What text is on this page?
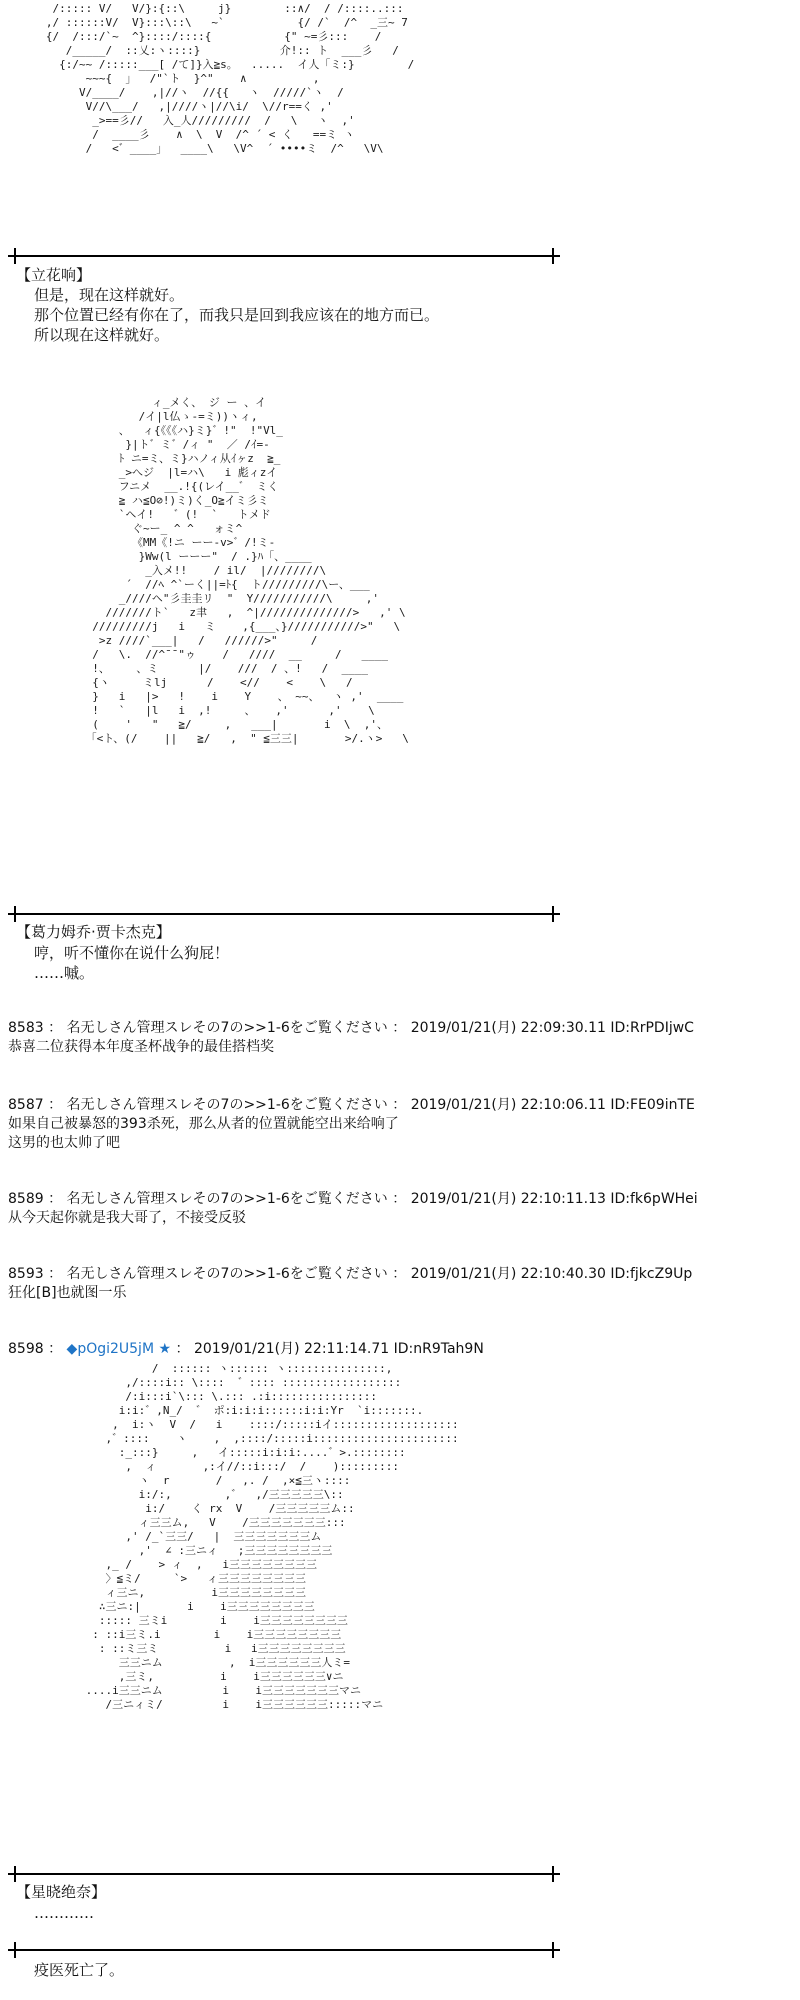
/::::: V/   V/}:{::\     j}        ::∧/  / /::::..:::
,/ ::::::V/  V}:::\::\   ~`           {/ /`  /^  _三~ 7
{/  /:::/`~  ^}::::/::::{           {" ~=彡:::    /
/_____/  ::乂:ヽ::::}            介!:: ト  ___彡   /
{:/~~ /:::::___[ /て]}入≧s。  .....  イ人「ミ:}        /
~~~{  」  /"`ト  }^"    ∧          ,
V/____/    ,|//ヽ  //{{   ヽ  /////`ヽ  /
V//\___/   ,|////ヽ|//\i/  \//r==く ,'
_>==彡//   入_人/////////  /   \   ヽ  ,'
/  ____彡    ∧  \  V  /^ ´ < く   ==ミ ヽ
/   <゛____」  ____\   \V^  ´ ••••ミ  /^   \V\
【立花响】
但是，现在这样就好。
那个位置已经有你在了，而我只是回到我应该在的地方而已。
所以现在这样就好。
ィ_メく、 ジ ー 、イ
/イ|l仏ゝ-=ミ))ヽィ,
、  ィ{《《《ハ}ミ}゛!"  !"Vl_
}|ト゛ミ゛/ィ "  ／ /ｲ=-
ﾄ ニ=ミ、ミ}ハノィ从ｲヶz  ≧_
_>へジ  |l=ハ\   i 彪ィzイ
フニメ  __.!{(レイ__゛ ミく
≧ ハ≦O⊘!)ミ)く_O≧イミ彡ミ
`ヘイ!   ゛(!  `   トメド
ぐ~ー_ ^ ^   ォミ^
《MM《!ニ ーー-v>゛/!ミ-
}Ww(l ーーー"  / .}ﾊ「、____
_入メ!!    / il/  |////////\
´  //ﾍ ^`ーく||=ﾄ{  ト/////////\ー、___
_////ヘ"彡圭圭リ  "  Y///////////\     ,'
///////ト`   z聿   ,  ^|//////////////>   ,' \
/////////j   i   ミ    ,{___、}///////////>"   \
>z ////`___|   /   //////>"     /
/   \.  //^¯¯"ゥ    /   ////  __     /   ____
!、    、ミ      |/    ///  / 、!   /  ____
{ヽ     ミlj      /    <//    <    \   /
}   i   |>   !    i    Y    、 ~~、  ヽ ,'  ____
!   `   |l   i  ,!     、   ,'      ,'    \
(    '   "   ≧/     ,   ___|       i  \  ,'、
「<ト、(/    ||   ≧/   ,  " ≦三三|       >/.ヽ>   \
【葛力姆乔·贾卡杰克】
哼，听不懂你在说什么狗屁！
……嘁。
8583 ： 名无しさん管理スレその7の>>1-6をご覧ください ： 2019/01/21(月) 22:09:30.11 ID:RrPDIjwC
恭喜二位获得本年度圣杯战争的最佳搭档奖
8587 ： 名无しさん管理スレその7の>>1-6をご覧ください ： 2019/01/21(月) 22:10:06.11 ID:FE09inTE
如果自己被暴怒的393杀死，那么从者的位置就能空出来给响了
这男的也太帅了吧
8589 ： 名无しさん管理スレその7の>>1-6をご覧ください ： 2019/01/21(月) 22:10:11.13 ID:fk6pWHei
从今天起你就是我大哥了，不接受反驳
8593 ： 名无しさん管理スレその7の>>1-6をご覧ください ： 2019/01/21(月) 22:10:40.30 ID:fjkcZ9Up
狂化[B]也就图一乐
8598 ： ◆pOgi2U5jM ★ ： 2019/01/21(月) 22:11:14.71 ID:nR9Tah9N
/  :::::: ヽ:::::: ヽ:::::::::::::::,
,/::::i:: \::::  ゛:::: ::::::::::::::::::
/:i:::i`\::: \.::: .:i::::::::::::::::
i:i:゛,N_/  ゛ ポ:i:i:i::::::i:i:Yr  `i:::::::.
,  i:ヽ  V  /   i    ::::/:::::iイ:::::::::::::::::::
,゛::::    ヽ    ,  ,::::/:::::i::::::::::::::::::::::
:_:::}     ,   イ:::::i:i:i:....゛>.::::::::
,  ィ       ,:イ//::i:::/  /    ):::::::::
ヽ  r       /   ,. /  ,×≦三ヽ::::
i:/:,        ,゛  ,/三三三三三\::
i:/    く rx  V    /三三三三三ム::
ィ三三ム,   V    /三三三三三三三:::
,' /_`三三/   |  三三三三三三三ム
,'  ∠ :三ニィ   ;三三三三三三三三
,_ /    > ィ  ,   i三三三三三三三三
〉≦ミ/     `>   ィ三三三三三三三三
ィ三ニ,          i三三三三三三三三
∴三ニ:|       i    i三三三三三三三三
::::: 三ミi        i    i三三三三三三三三
: ::i三ミ.i        i    i三三三三三三三三
: ::ミ三ミ          i   i三三三三三三三三
三三ニム          ,  i三三三三三三人ミ=
,三ミ,          i    i三三三三三三∨ニ
....i三三ニム         i    i三三三三三三三マニ
/三ニィミ/         i    i三三三三三三:::::マニ
【星晓绝奈】
…………
疫医死亡了。
